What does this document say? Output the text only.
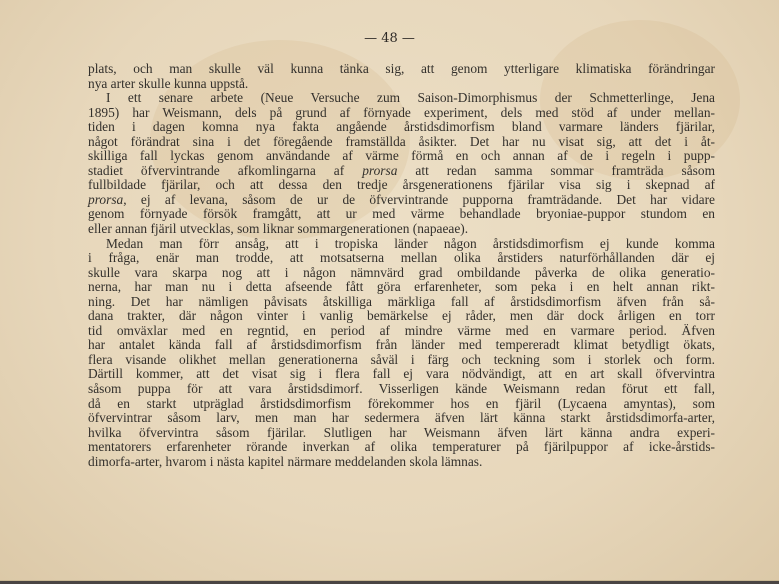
— 48 —
plats, och man skulle väl kunna tänka sig, att genom ytterligare klimatiska förändringar
nya arter skulle kunna uppstå.
I ett senare arbete (Neue Versuche zum Saison-Dimorphismus der Schmetterlinge, Jena
1895) har Weismann, dels på grund af förnyade experiment, dels med stöd af under mellan-
tiden i dagen komna nya fakta angående årstidsdimorfism bland varmare länders fjärilar,
något förändrat sina i det föregående framställda åsikter. Det har nu visat sig, att det i åt-
skilliga fall lyckas genom användande af värme förmå en och annan af de i regeln i pupp-
stadiet öfvervintrande afkomlingarna af prorsa att redan samma sommar framträda såsom
fullbildade fjärilar, och att dessa den tredje årsgenerationens fjärilar visa sig i skepnad af
prorsa, ej af levana, såsom de ur de öfvervintrande pupporna framträdande. Det har vidare
genom förnyade försök framgått, att ur med värme behandlade bryoniae-puppor stundom en
eller annan fjäril utvecklas, som liknar sommargenerationen (napaeae).
Medan man förr ansåg, att i tropiska länder någon årstidsdimorfism ej kunde komma
i fråga, enär man trodde, att motsatserna mellan olika årstiders naturförhållanden där ej
skulle vara skarpa nog att i någon nämnvärd grad ombildande påverka de olika generatio-
nerna, har man nu i detta afseende fått göra erfarenheter, som peka i en helt annan rikt-
ning. Det har nämligen påvisats åtskilliga märkliga fall af årstidsdimorfism äfven från så-
dana trakter, där någon vinter i vanlig bemärkelse ej råder, men där dock årligen en torr
tid omväxlar med en regntid, en period af mindre värme med en varmare period. Äfven
har antalet kända fall af årstidsdimorfism från länder med tempereradt klimat betydligt ökats,
flera visande olikhet mellan generationerna såväl i färg och teckning som i storlek och form.
Därtill kommer, att det visat sig i flera fall ej vara nödvändigt, att en art skall öfvervintra
såsom puppa för att vara årstidsdimorf. Visserligen kände Weismann redan förut ett fall,
då en starkt utpräglad årstidsdimorfism förekommer hos en fjäril (Lycaena amyntas), som
öfvervintrar såsom larv, men man har sedermera äfven lärt känna starkt årstidsdimorfa-arter,
hvilka öfvervintra såsom fjärilar. Slutligen har Weismann äfven lärt känna andra experi-
mentatorers erfarenheter rörande inverkan af olika temperaturer på fjärilpuppor af icke-årstids-
dimorfa-arter, hvarom i nästa kapitel närmare meddelanden skola lämnas.
